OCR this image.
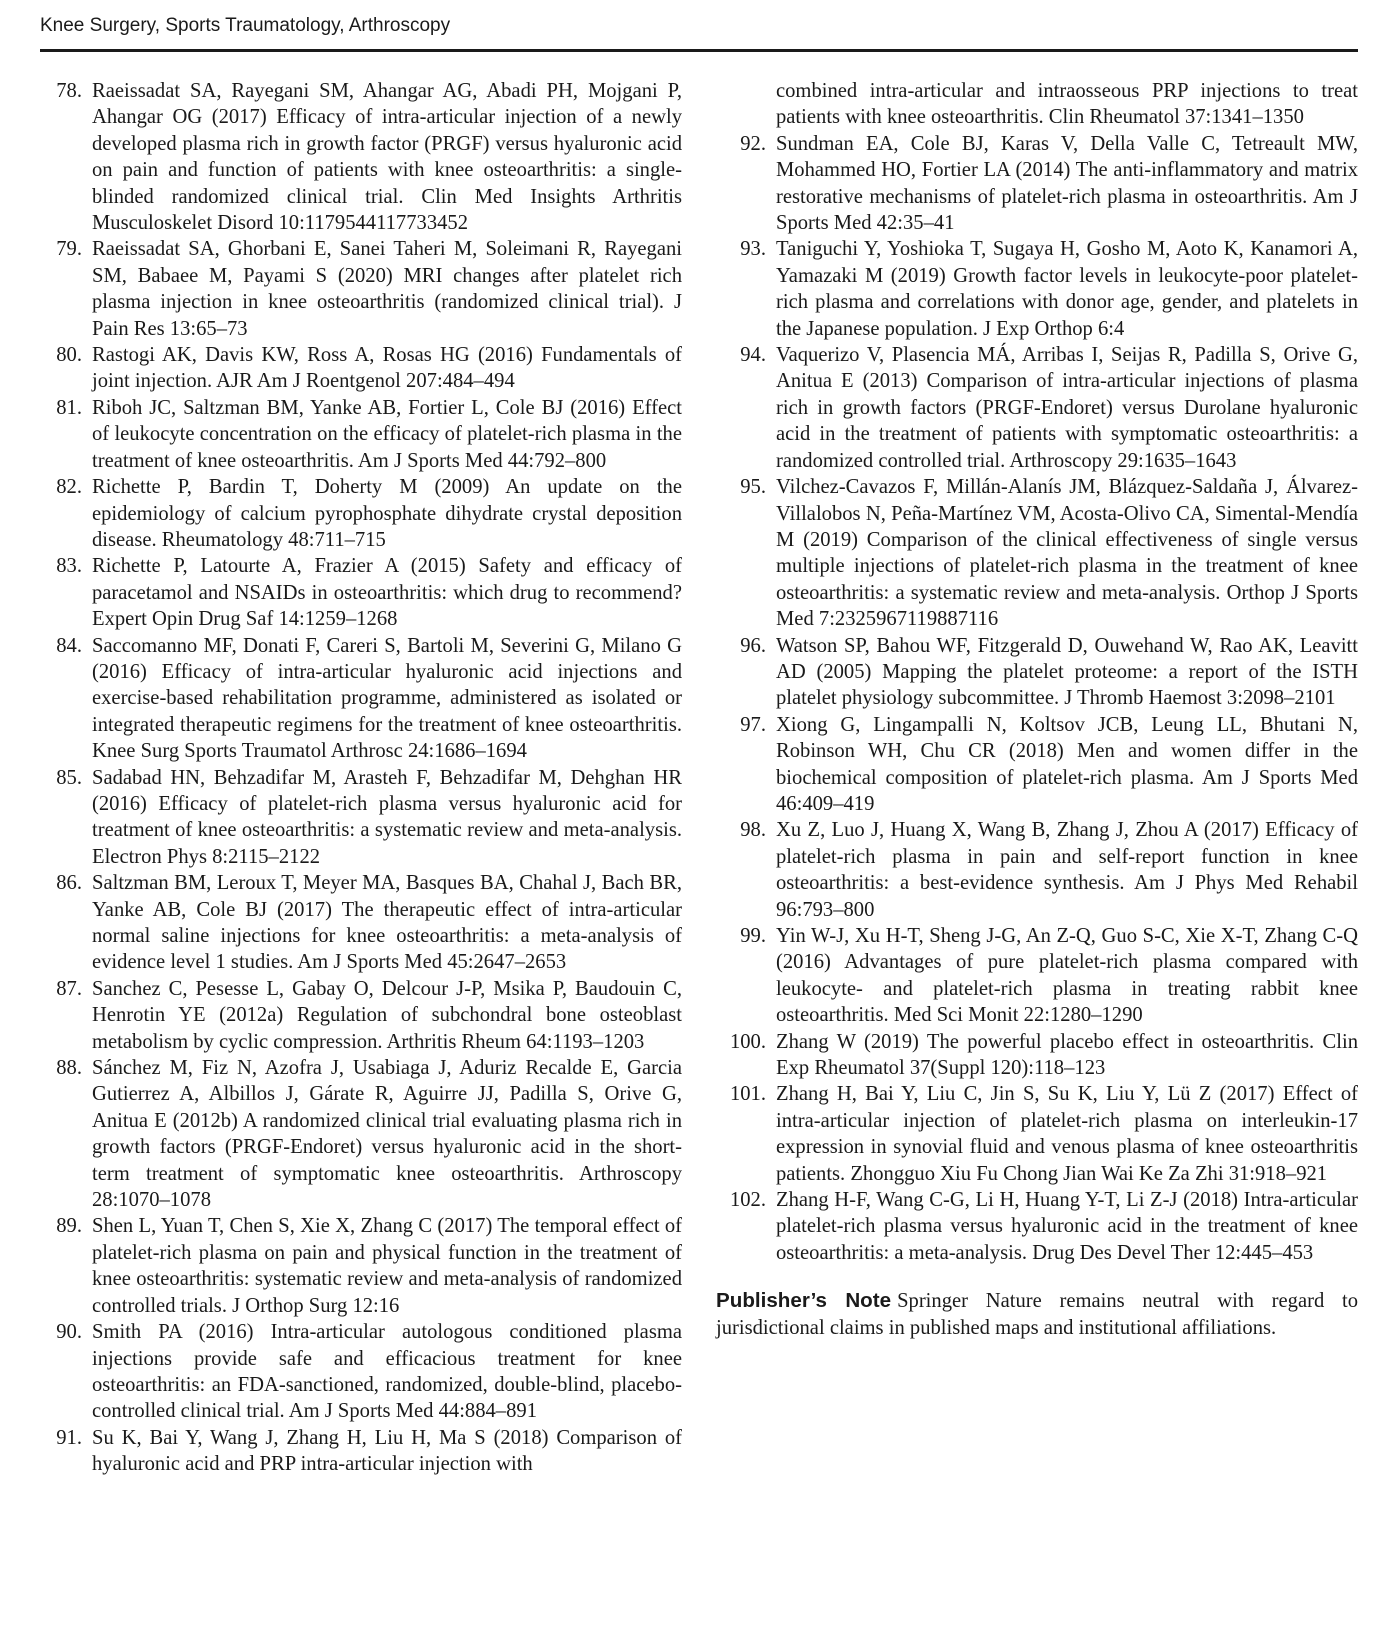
Knee Surgery, Sports Traumatology, Arthroscopy
78. Raeissadat SA, Rayegani SM, Ahangar AG, Abadi PH, Mojgani P, Ahangar OG (2017) Efficacy of intra-articular injection of a newly developed plasma rich in growth factor (PRGF) versus hyaluronic acid on pain and function of patients with knee osteoarthritis: a single-blinded randomized clinical trial. Clin Med Insights Arthritis Musculoskelet Disord 10:1179544117733452
79. Raeissadat SA, Ghorbani E, Sanei Taheri M, Soleimani R, Rayegani SM, Babaee M, Payami S (2020) MRI changes after platelet rich plasma injection in knee osteoarthritis (randomized clinical trial). J Pain Res 13:65–73
80. Rastogi AK, Davis KW, Ross A, Rosas HG (2016) Fundamentals of joint injection. AJR Am J Roentgenol 207:484–494
81. Riboh JC, Saltzman BM, Yanke AB, Fortier L, Cole BJ (2016) Effect of leukocyte concentration on the efficacy of platelet-rich plasma in the treatment of knee osteoarthritis. Am J Sports Med 44:792–800
82. Richette P, Bardin T, Doherty M (2009) An update on the epidemiology of calcium pyrophosphate dihydrate crystal deposition disease. Rheumatology 48:711–715
83. Richette P, Latourte A, Frazier A (2015) Safety and efficacy of paracetamol and NSAIDs in osteoarthritis: which drug to recommend? Expert Opin Drug Saf 14:1259–1268
84. Saccomanno MF, Donati F, Careri S, Bartoli M, Severini G, Milano G (2016) Efficacy of intra-articular hyaluronic acid injections and exercise-based rehabilitation programme, administered as isolated or integrated therapeutic regimens for the treatment of knee osteoarthritis. Knee Surg Sports Traumatol Arthrosc 24:1686–1694
85. Sadabad HN, Behzadifar M, Arasteh F, Behzadifar M, Dehghan HR (2016) Efficacy of platelet-rich plasma versus hyaluronic acid for treatment of knee osteoarthritis: a systematic review and meta-analysis. Electron Phys 8:2115–2122
86. Saltzman BM, Leroux T, Meyer MA, Basques BA, Chahal J, Bach BR, Yanke AB, Cole BJ (2017) The therapeutic effect of intra-articular normal saline injections for knee osteoarthritis: a meta-analysis of evidence level 1 studies. Am J Sports Med 45:2647–2653
87. Sanchez C, Pesesse L, Gabay O, Delcour J-P, Msika P, Baudouin C, Henrotin YE (2012a) Regulation of subchondral bone osteoblast metabolism by cyclic compression. Arthritis Rheum 64:1193–1203
88. Sánchez M, Fiz N, Azofra J, Usabiaga J, Aduriz Recalde E, Garcia Gutierrez A, Albillos J, Gárate R, Aguirre JJ, Padilla S, Orive G, Anitua E (2012b) A randomized clinical trial evaluating plasma rich in growth factors (PRGF-Endoret) versus hyaluronic acid in the short-term treatment of symptomatic knee osteoarthritis. Arthroscopy 28:1070–1078
89. Shen L, Yuan T, Chen S, Xie X, Zhang C (2017) The temporal effect of platelet-rich plasma on pain and physical function in the treatment of knee osteoarthritis: systematic review and meta-analysis of randomized controlled trials. J Orthop Surg 12:16
90. Smith PA (2016) Intra-articular autologous conditioned plasma injections provide safe and efficacious treatment for knee osteoarthritis: an FDA-sanctioned, randomized, double-blind, placebo-controlled clinical trial. Am J Sports Med 44:884–891
91. Su K, Bai Y, Wang J, Zhang H, Liu H, Ma S (2018) Comparison of hyaluronic acid and PRP intra-articular injection with
combined intra-articular and intraosseous PRP injections to treat patients with knee osteoarthritis. Clin Rheumatol 37:1341–1350
92. Sundman EA, Cole BJ, Karas V, Della Valle C, Tetreault MW, Mohammed HO, Fortier LA (2014) The anti-inflammatory and matrix restorative mechanisms of platelet-rich plasma in osteoarthritis. Am J Sports Med 42:35–41
93. Taniguchi Y, Yoshioka T, Sugaya H, Gosho M, Aoto K, Kanamori A, Yamazaki M (2019) Growth factor levels in leukocyte-poor platelet-rich plasma and correlations with donor age, gender, and platelets in the Japanese population. J Exp Orthop 6:4
94. Vaquerizo V, Plasencia MÁ, Arribas I, Seijas R, Padilla S, Orive G, Anitua E (2013) Comparison of intra-articular injections of plasma rich in growth factors (PRGF-Endoret) versus Durolane hyaluronic acid in the treatment of patients with symptomatic osteoarthritis: a randomized controlled trial. Arthroscopy 29:1635–1643
95. Vilchez-Cavazos F, Millán-Alanís JM, Blázquez-Saldaña J, Álvarez-Villalobos N, Peña-Martínez VM, Acosta-Olivo CA, Simental-Mendía M (2019) Comparison of the clinical effectiveness of single versus multiple injections of platelet-rich plasma in the treatment of knee osteoarthritis: a systematic review and meta-analysis. Orthop J Sports Med 7:2325967119887116
96. Watson SP, Bahou WF, Fitzgerald D, Ouwehand W, Rao AK, Leavitt AD (2005) Mapping the platelet proteome: a report of the ISTH platelet physiology subcommittee. J Thromb Haemost 3:2098–2101
97. Xiong G, Lingampalli N, Koltsov JCB, Leung LL, Bhutani N, Robinson WH, Chu CR (2018) Men and women differ in the biochemical composition of platelet-rich plasma. Am J Sports Med 46:409–419
98. Xu Z, Luo J, Huang X, Wang B, Zhang J, Zhou A (2017) Efficacy of platelet-rich plasma in pain and self-report function in knee osteoarthritis: a best-evidence synthesis. Am J Phys Med Rehabil 96:793–800
99. Yin W-J, Xu H-T, Sheng J-G, An Z-Q, Guo S-C, Xie X-T, Zhang C-Q (2016) Advantages of pure platelet-rich plasma compared with leukocyte- and platelet-rich plasma in treating rabbit knee osteoarthritis. Med Sci Monit 22:1280–1290
100. Zhang W (2019) The powerful placebo effect in osteoarthritis. Clin Exp Rheumatol 37(Suppl 120):118–123
101. Zhang H, Bai Y, Liu C, Jin S, Su K, Liu Y, Lü Z (2017) Effect of intra-articular injection of platelet-rich plasma on interleukin-17 expression in synovial fluid and venous plasma of knee osteoarthritis patients. Zhongguo Xiu Fu Chong Jian Wai Ke Za Zhi 31:918–921
102. Zhang H-F, Wang C-G, Li H, Huang Y-T, Li Z-J (2018) Intra-articular platelet-rich plasma versus hyaluronic acid in the treatment of knee osteoarthritis: a meta-analysis. Drug Des Devel Ther 12:445–453
Publisher’s Note Springer Nature remains neutral with regard to jurisdictional claims in published maps and institutional affiliations.
